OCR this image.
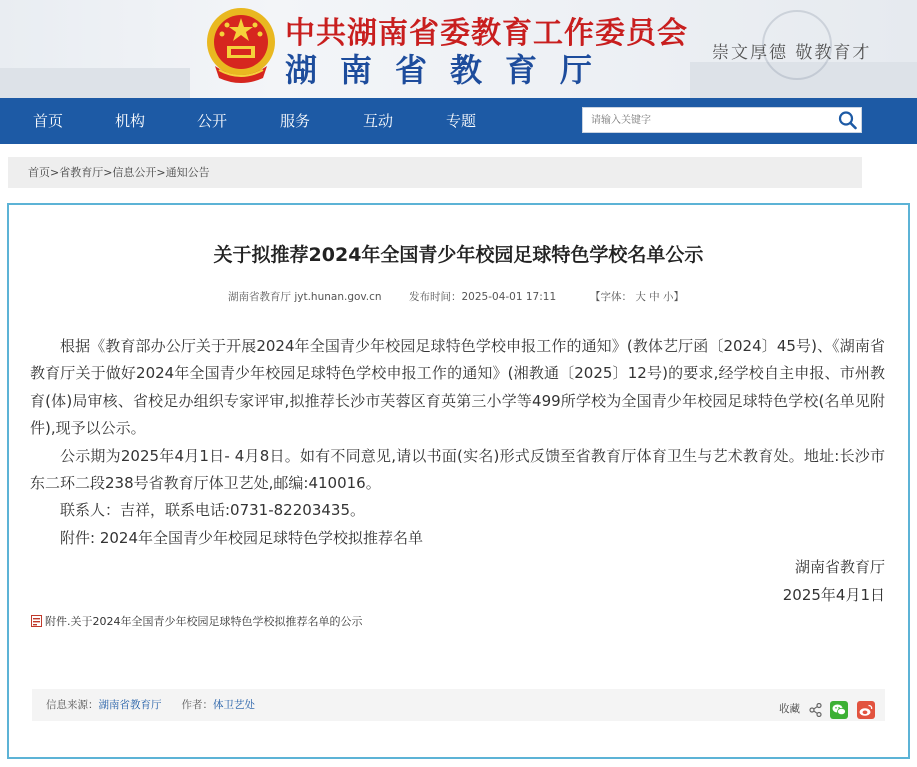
中共湖南省委教育工作委员会
湖南省教育厅	崇文厚德 敬教育才
首页	机构	公开	服务	互动	专题
请输入关键字
首页>省教育厅>信息公开>通知公告
关于拟推荐2024年全国青少年校园足球特色学校名单公示
湖南省教育厅 jyt.hunan.gov.cn	发布时间：2025-04-01 17:11	【字体： 大 中 小】

根据《教育部办公厅关于开展2024年全国青少年校园足球特色学校申报工作的通知》(教体艺厅函〔2024〕45号)、《湖南省教育厅关于做好2024年全国青少年校园足球特色学校申报工作的通知》(湘教通〔2025〕12号)的要求,经学校自主申报、市州教育(体)局审核、省校足办组织专家评审,拟推荐长沙市芙蓉区育英第三小学等499所学校为全国青少年校园足球特色学校(名单见附件),现予以公示。

公示期为2025年4月1日- 4月8日。如有不同意见,请以书面(实名)形式反馈至省教育厅体育卫生与艺术教育处。地址:长沙市东二环二段238号省教育厅体卫艺处,邮编:410016。

联系人：吉祥，联系电话:0731-82203435。

附件: 2024年全国青少年校园足球特色学校拟推荐名单

湖南省教育厅
2025年4月1日
附件.关于2024年全国青少年校园足球特色学校拟推荐名单的公示
信息来源：湖南省教育厅 作者：体卫艺处	收藏
